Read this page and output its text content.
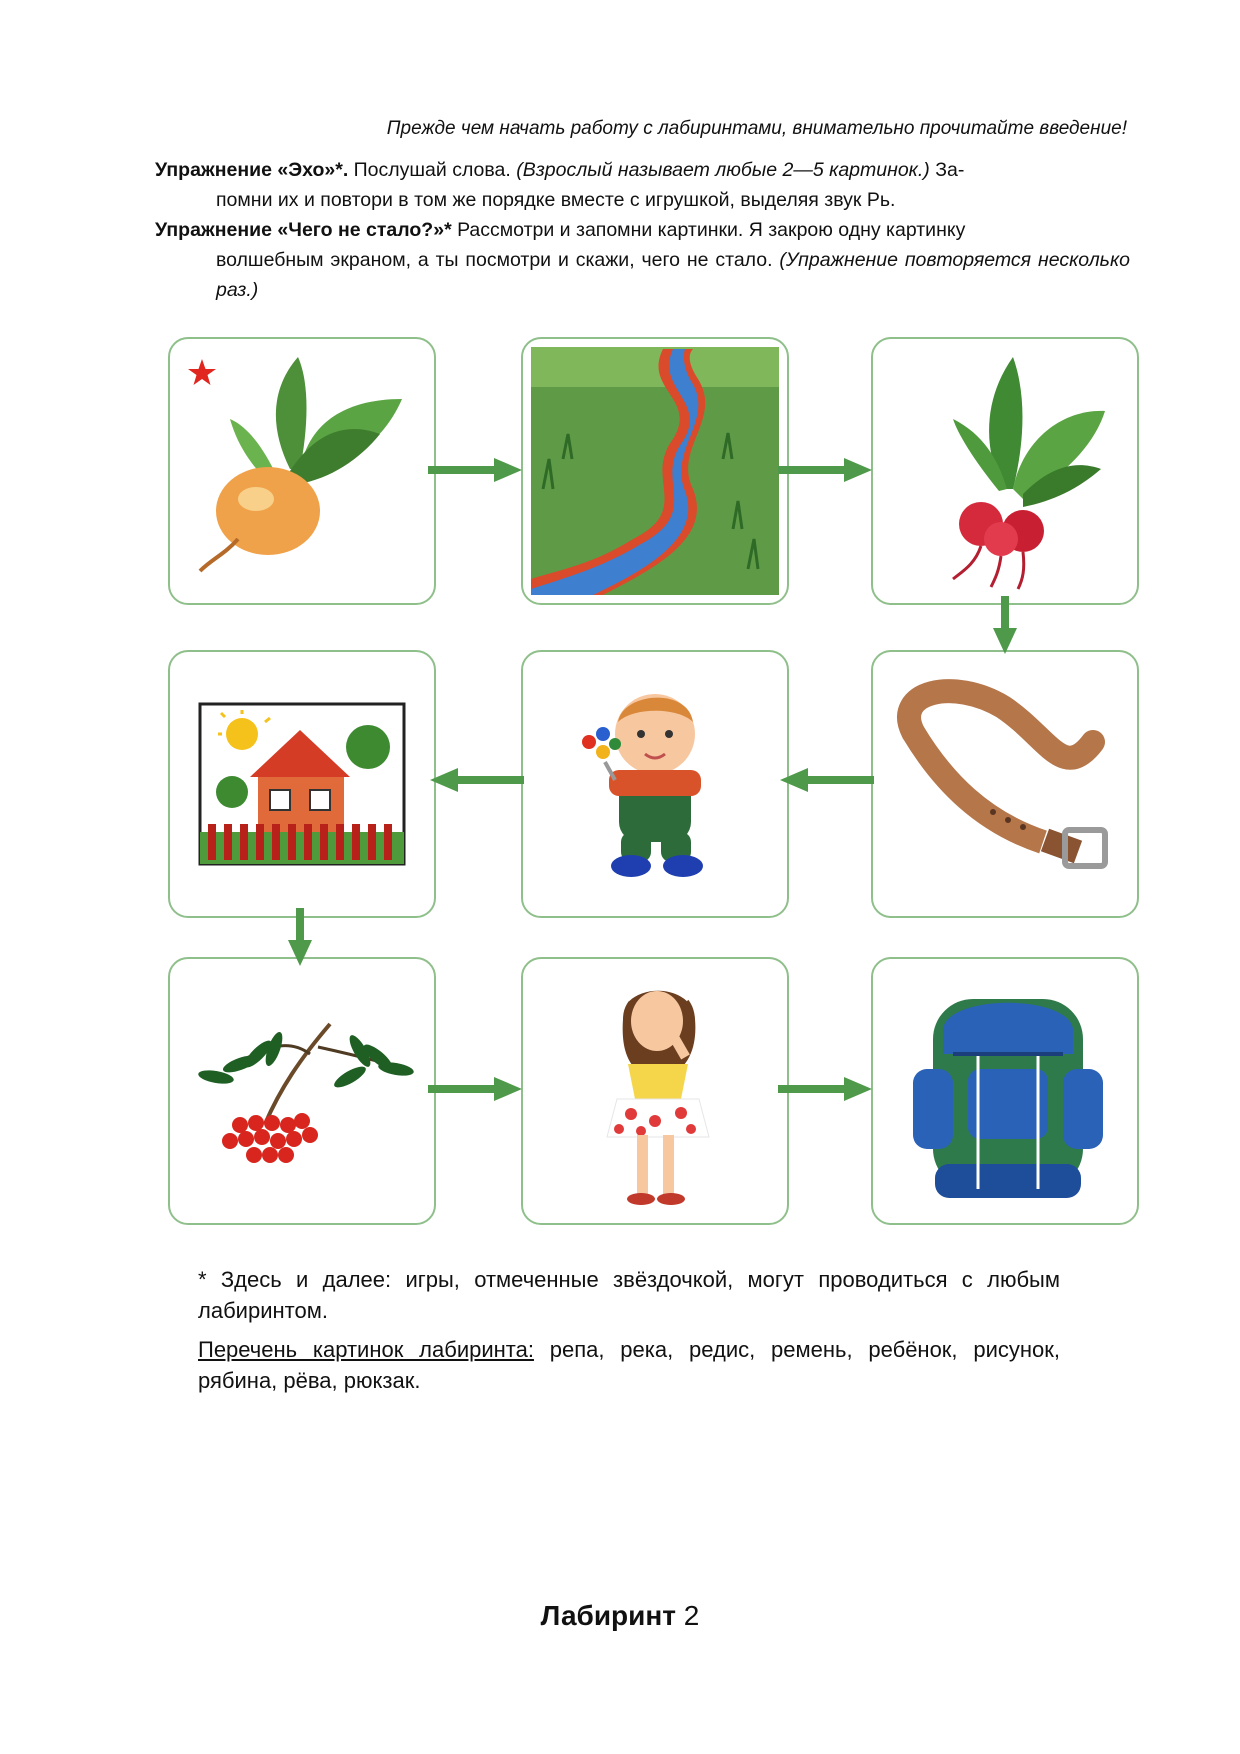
Прежде чем начать работу с лабиринтами, внимательно прочитайте введение!
Упражнение «Эхо»*. Послушай слова. (Взрослый называет любые 2—5 картинок.) За-
помни их и повтори в том же порядке вместе с игрушкой, выделяя звук Рь.
Упражнение «Чего не стало?»* Рассмотри и запомни картинки. Я закрою одну картинку
волшебным экраном, а ты посмотри и скажи, чего не стало. (Упражнение повторяется несколько раз.)
* Здесь и далее: игры, отмеченные звёздочкой, могут проводиться с любым лабиринтом.
Перечень картинок лабиринта: репа, река, редис, ремень, ребёнок, рисунок, рябина, рёва, рюкзак.
Лабиринт 2
